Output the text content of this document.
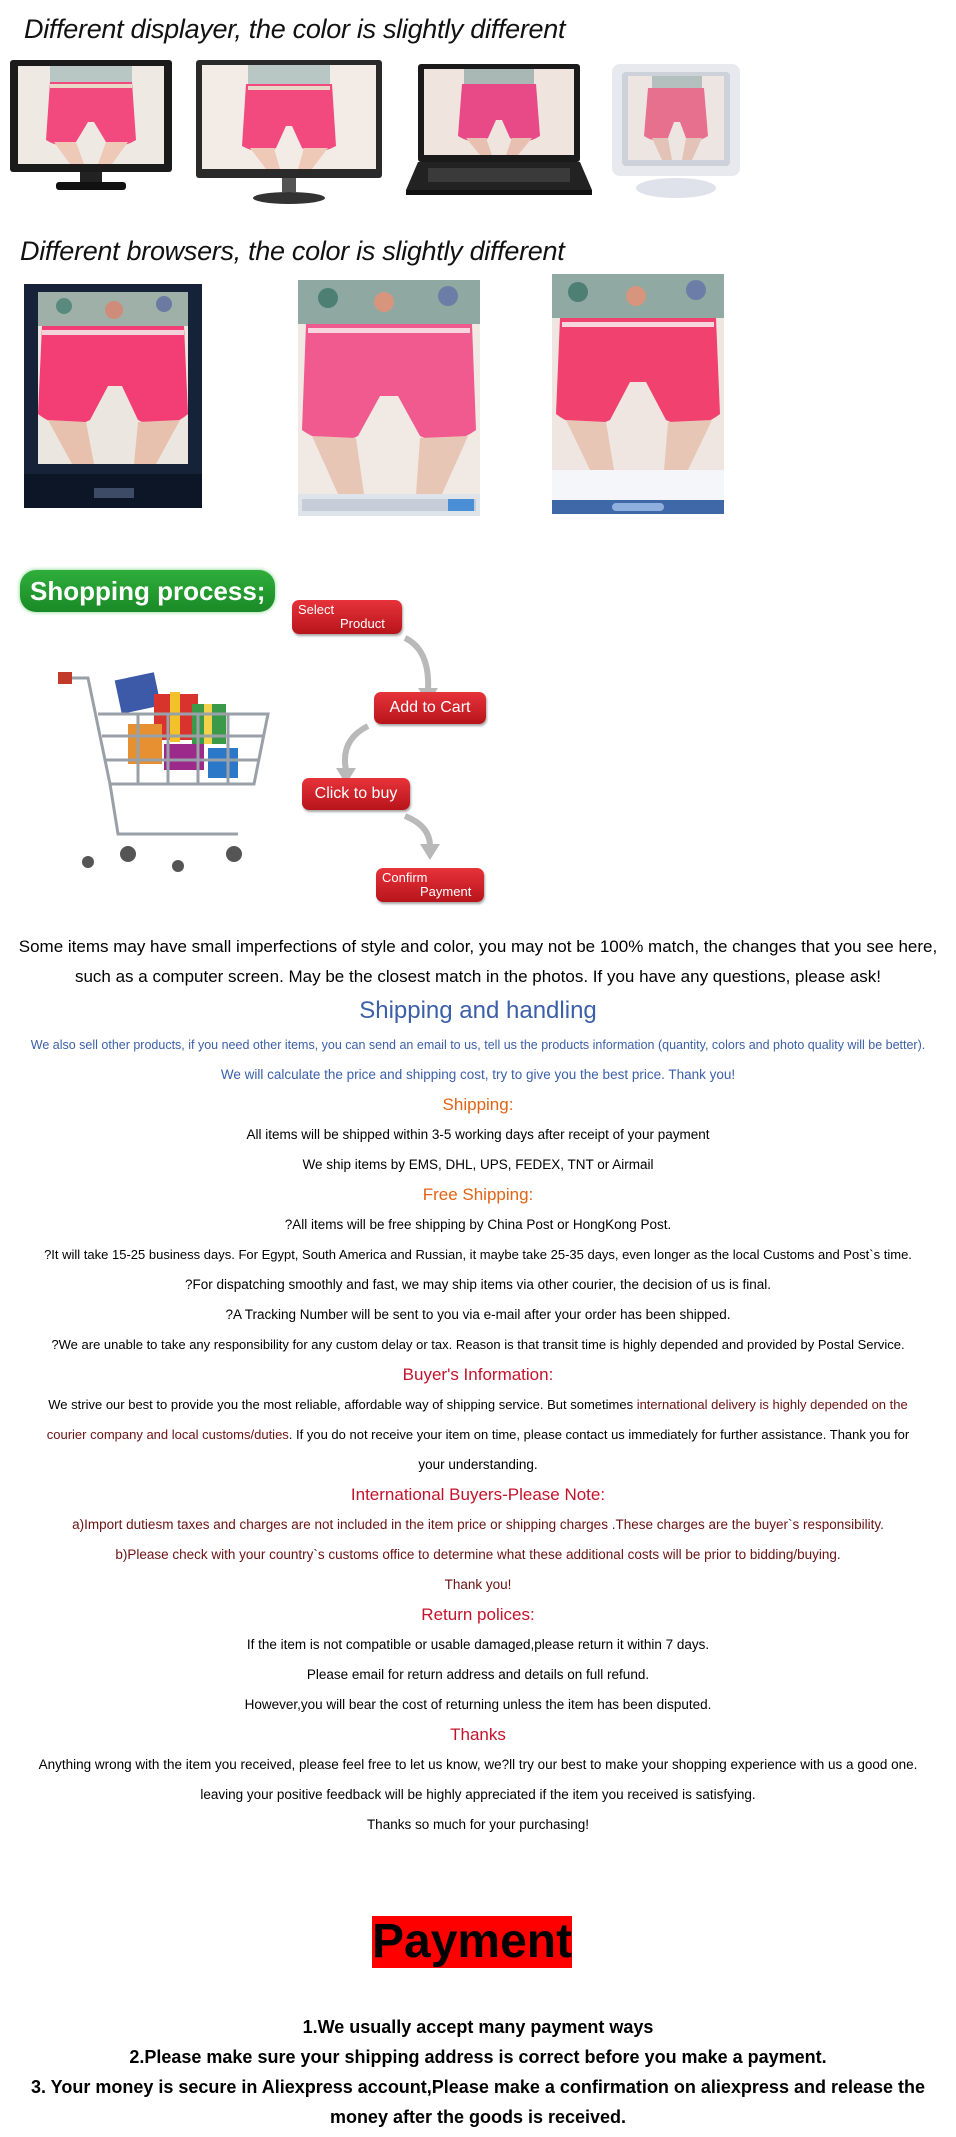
Different displayer, the color is slightly different
Different browsers, the color is slightly different
Shopping process;
Select
Product
Add to Cart
Click to buy
Confirm
Payment
Some items may have small imperfections of style and color, you may not be 100% match, the changes that you see here,
such as a computer screen. May be the closest match in the photos. If you have any questions, please ask!
Shipping and handling
We also sell other products, if you need other items, you can send an email to us, tell us the products information (quantity, colors and photo quality will be better).
We will calculate the price and shipping cost, try to give you the best price. Thank you!
Shipping:
All items will be shipped within 3-5 working days after receipt of your payment
We ship items by EMS, DHL, UPS, FEDEX, TNT or Airmail
Free Shipping:
?All items will be free shipping by China Post or HongKong Post.
?It will take 15-25 business days. For Egypt, South America and Russian, it maybe take 25-35 days, even longer as the local Customs and Post`s time.
?For dispatching smoothly and fast, we may ship items via other courier, the decision of us is final.
?A Tracking Number will be sent to you via e-mail after your order has been shipped.
?We are unable to take any responsibility for any custom delay or tax. Reason is that transit time is highly depended and provided by Postal Service.
Buyer's Information:
We strive our best to provide you the most reliable, affordable way of shipping service. But sometimes international delivery is highly depended on the
courier company and local customs/duties. If you do not receive your item on time, please contact us immediately for further assistance. Thank you for
your understanding.
International Buyers-Please Note:
a)Import dutiesm taxes and charges are not included in the item price or shipping charges .These charges are the buyer`s responsibility.
b)Please check with your country`s customs office to determine what these additional costs will be prior to bidding/buying.
Thank you!
Return polices:
If the item is not compatible or usable damaged,please return it within 7 days.
Please email for return address and details on full refund.
However,you will bear the cost of returning unless the item has been disputed.
Thanks
Anything wrong with the item you received, please feel free to let us know, we?ll try our best to make your shopping experience with us a good one.
leaving your positive feedback will be highly appreciated if the item you received is satisfying.
Thanks so much for your purchasing!
Payment
1.We usually accept many payment ways
2.Please make sure your shipping address is correct before you make a payment.
3. Your money is secure in Aliexpress account,Please make a confirmation on aliexpress and release the
money after the goods is received.
